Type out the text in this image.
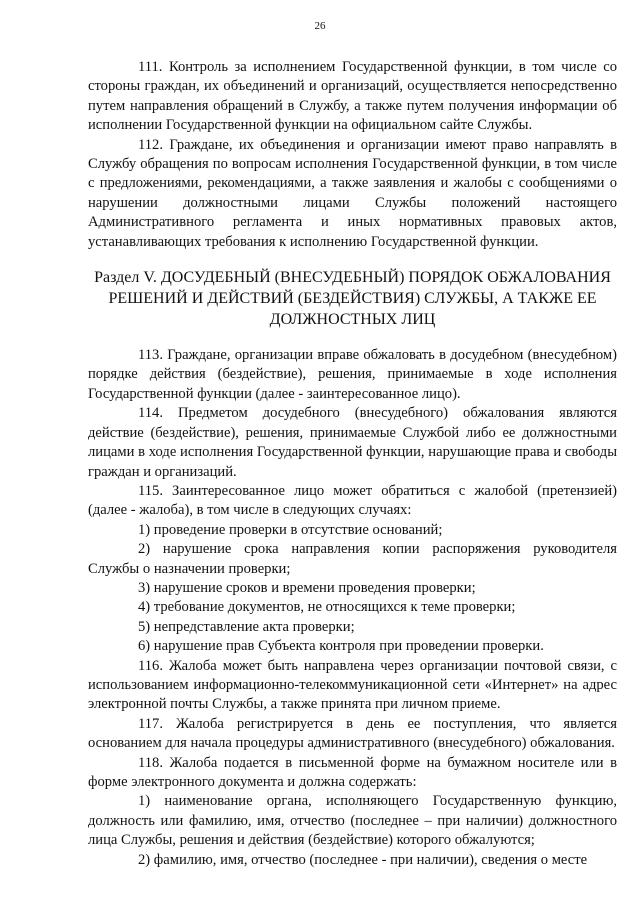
26

111. Контроль за исполнением Государственной функции, в том числе со стороны граждан, их объединений и организаций, осуществляется непосредственно путем направления обращений в Службу, а также путем получения информации об исполнении Государственной функции на официальном сайте Службы.

112. Граждане, их объединения и организации имеют право направлять в Службу обращения по вопросам исполнения Государственной функции, в том числе с предложениями, рекомендациями, а также заявления и жалобы с сообщениями о нарушении должностными лицами Службы положений настоящего Административного регламента и иных нормативных правовых актов, устанавливающих требования к исполнению Государственной функции.

Раздел V. ДОСУДЕБНЫЙ (ВНЕСУДЕБНЫЙ) ПОРЯДОК ОБЖАЛОВАНИЯ РЕШЕНИЙ И ДЕЙСТВИЙ (БЕЗДЕЙСТВИЯ) СЛУЖБЫ, А ТАКЖЕ ЕЕ ДОЛЖНОСТНЫХ ЛИЦ

113. Граждане, организации вправе обжаловать в досудебном (внесудебном) порядке действия (бездействие), решения, принимаемые в ходе исполнения Государственной функции (далее - заинтересованное лицо).

114. Предметом досудебного (внесудебного) обжалования являются действие (бездействие), решения, принимаемые Службой либо ее должностными лицами в ходе исполнения Государственной функции, нарушающие права и свободы граждан и организаций.

115. Заинтересованное лицо может обратиться с жалобой (претензией) (далее - жалоба), в том числе в следующих случаях:

1) проведение проверки в отсутствие оснований;

2) нарушение срока направления копии распоряжения руководителя Службы о назначении проверки;

3) нарушение сроков и времени проведения проверки;

4) требование документов, не относящихся к теме проверки;

5) непредставление акта проверки;

6) нарушение прав Субъекта контроля при проведении проверки.

116. Жалоба может быть направлена через организации почтовой связи, с использованием информационно-телекоммуникационной сети «Интернет» на адрес электронной почты Службы, а также принята при личном приеме.

117. Жалоба регистрируется в день ее поступления, что является основанием для начала процедуры административного (внесудебного) обжалования.

118. Жалоба подается в письменной форме на бумажном носителе или в форме электронного документа и должна содержать:

1) наименование органа, исполняющего Государственную функцию, должность или фамилию, имя, отчество (последнее – при наличии) должностного лица Службы, решения и действия (бездействие) которого обжалуются;

2) фамилию, имя, отчество (последнее - при наличии), сведения о месте
